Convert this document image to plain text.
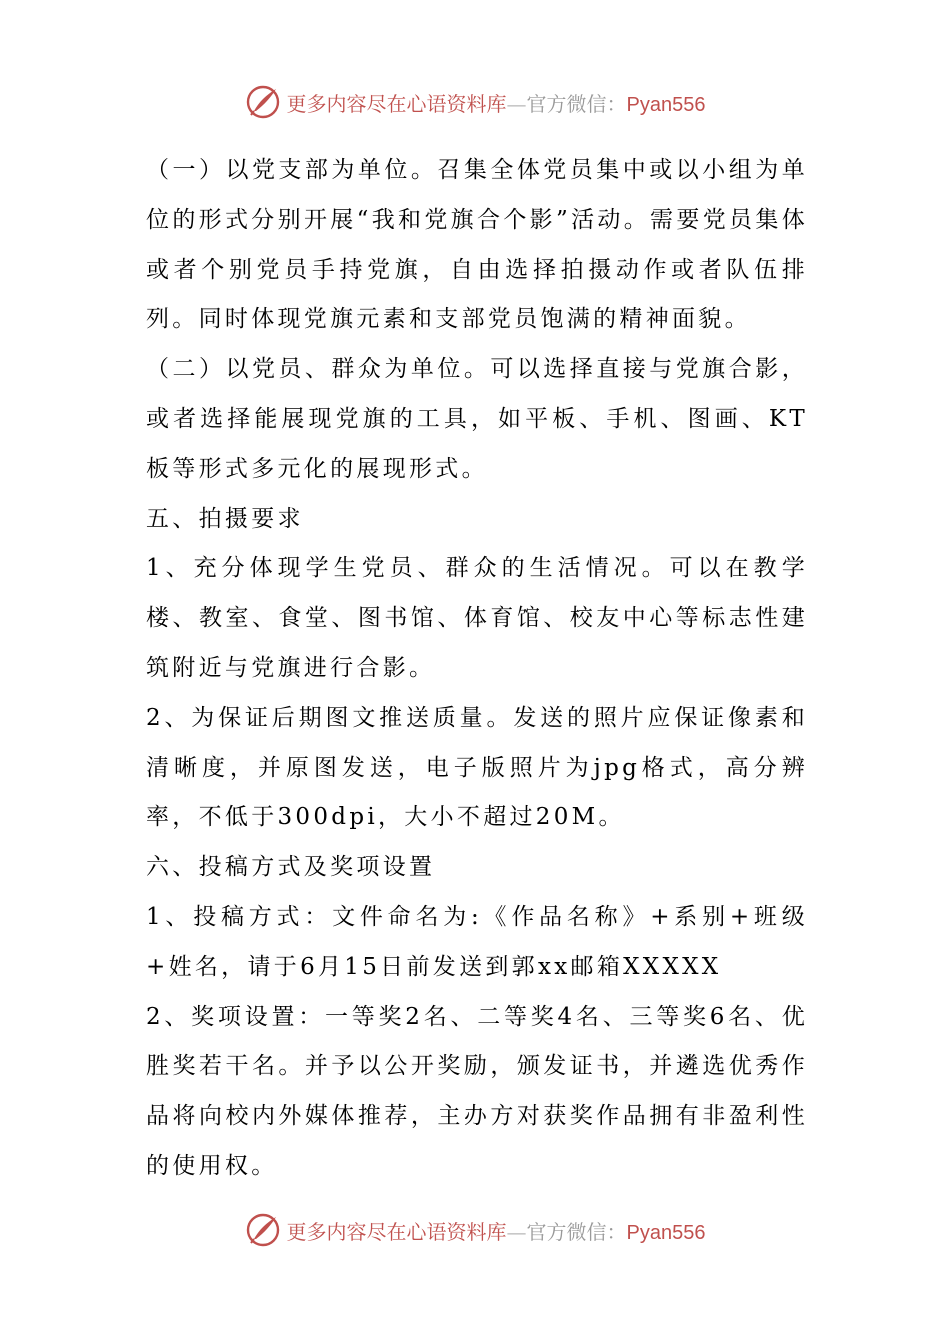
更多内容尽在心语资料库—官方微信：Pyan556

（一）以党支部为单位。召集全体党员集中或以小组为单位的形式分别开展“我和党旗合个影”活动。需要党员集体或者个别党员手持党旗，自由选择拍摄动作或者队伍排列。同时体现党旗元素和支部党员饱满的精神面貌。

（二）以党员、群众为单位。可以选择直接与党旗合影，或者选择能展现党旗的工具，如平板、手机、图画、KT板等形式多元化的展现形式。

五、拍摄要求

1、充分体现学生党员、群众的生活情况。可以在教学楼、教室、食堂、图书馆、体育馆、校友中心等标志性建筑附近与党旗进行合影。

2、为保证后期图文推送质量。发送的照片应保证像素和清晰度，并原图发送，电子版照片为jpg格式，高分辨率，不低于300dpi，大小不超过20M。

六、投稿方式及奖项设置

1、投稿方式：文件命名为:《作品名称》+系别+班级+姓名，请于6月15日前发送到郭xx邮箱XXXXX

2、奖项设置：一等奖2名、二等奖4名、三等奖6名、优胜奖若干名。并予以公开奖励，颁发证书，并遴选优秀作品将向校内外媒体推荐，主办方对获奖作品拥有非盈利性的使用权。

更多内容尽在心语资料库—官方微信：Pyan556
